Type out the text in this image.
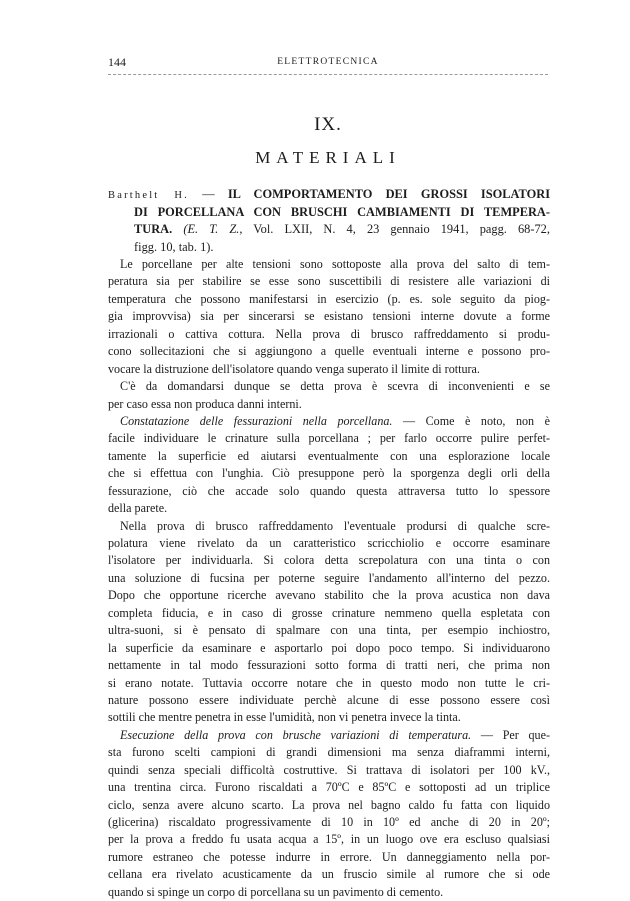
144	ELETTROTECNICA
IX.
MATERIALI
Barthelt H. — IL COMPORTAMENTO DEI GROSSI ISOLATORI
DI PORCELLANA CON BRUSCHI CAMBIAMENTI DI TEMPERA-
TURA. (E. T. Z., Vol. LXII, N. 4, 23 gennaio 1941, pagg. 68-72,
figg. 10, tab. 1).
Le porcellane per alte tensioni sono sottoposte alla prova del salto di tem-
peratura sia per stabilire se esse sono suscettibili di resistere alle variazioni di
temperatura che possono manifestarsi in esercizio (p. es. sole seguito da piog-
gia improvvisa) sia per sincerarsi se esistano tensioni interne dovute a forme
irrazionali o cattiva cottura. Nella prova di brusco raffreddamento si produ-
cono sollecitazioni che si aggiungono a quelle eventuali interne e possono pro-
vocare la distruzione dell'isolatore quando venga superato il limite di rottura.
C'è da domandarsi dunque se detta prova è scevra di inconvenienti e se
per caso essa non produca danni interni.
Constatazione delle fessurazioni nella porcellana. — Come è noto, non è
facile individuare le crinature sulla porcellana ; per farlo occorre pulire perfet-
tamente la superficie ed aiutarsi eventualmente con una esplorazione locale
che si effettua con l'unghia. Ciò presuppone però la sporgenza degli orli della
fessurazione, ciò che accade solo quando questa attraversa tutto lo spessore
della parete.
Nella prova di brusco raffreddamento l'eventuale prodursi di qualche scre-
polatura viene rivelato da un caratteristico scricchiolio e occorre esaminare
l'isolatore per individuarla. Si colora detta screpolatura con una tinta o con
una soluzione di fucsina per poterne seguire l'andamento all'interno del pezzo.
Dopo che opportune ricerche avevano stabilito che la prova acustica non dava
completa fiducia, e in caso di grosse crinature nemmeno quella espletata con
ultra-suoni, si è pensato di spalmare con una tinta, per esempio inchiostro,
la superficie da esaminare e asportarlo poi dopo poco tempo. Si individuarono
nettamente in tal modo fessurazioni sotto forma di tratti neri, che prima non
si erano notate. Tuttavia occorre notare che in questo modo non tutte le cri-
nature possono essere individuate perchè alcune di esse possono essere così
sottili che mentre penetra in esse l'umidità, non vi penetra invece la tinta.
Esecuzione della prova con brusche variazioni di temperatura. — Per que-
sta furono scelti campioni di grandi dimensioni ma senza diaframmi interni,
quindi senza speciali difficoltà costruttive. Si trattava di isolatori per 100 kV.,
una trentina circa. Furono riscaldati a 70ºC e 85ºC e sottoposti ad un triplice
ciclo, senza avere alcuno scarto. La prova nel bagno caldo fu fatta con liquido
(glicerina) riscaldato progressivamente di 10 in 10º ed anche di 20 in 20º;
per la prova a freddo fu usata acqua a 15º, in un luogo ove era escluso qualsiasi
rumore estraneo che potesse indurre in errore. Un danneggiamento nella por-
cellana era rivelato acusticamente da un fruscio simile al rumore che si ode
quando si spinge un corpo di porcellana su un pavimento di cemento.
